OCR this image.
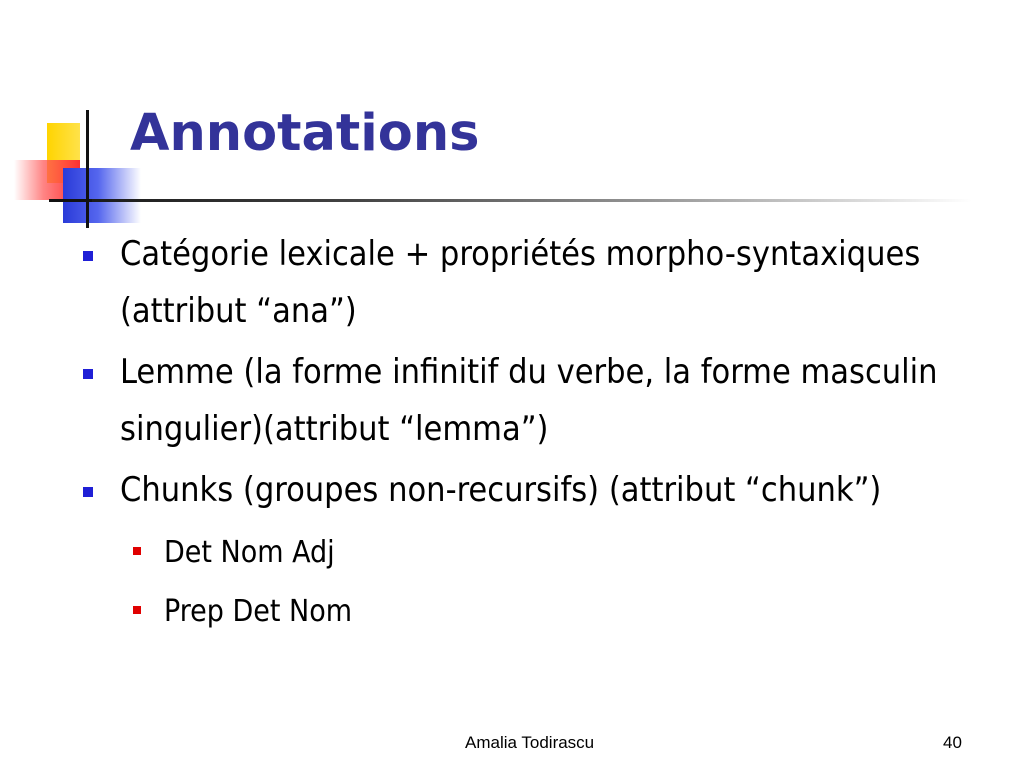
Annotations
Catégorie lexicale + propriétés morpho-syntaxiques (attribut “ana”)
Lemme (la forme infinitif du verbe, la forme masculin singulier)(attribut “lemma”)
Chunks (groupes non-recursifs) (attribut “chunk”)
Det Nom Adj
Prep Det Nom
Amalia Todirascu	40
